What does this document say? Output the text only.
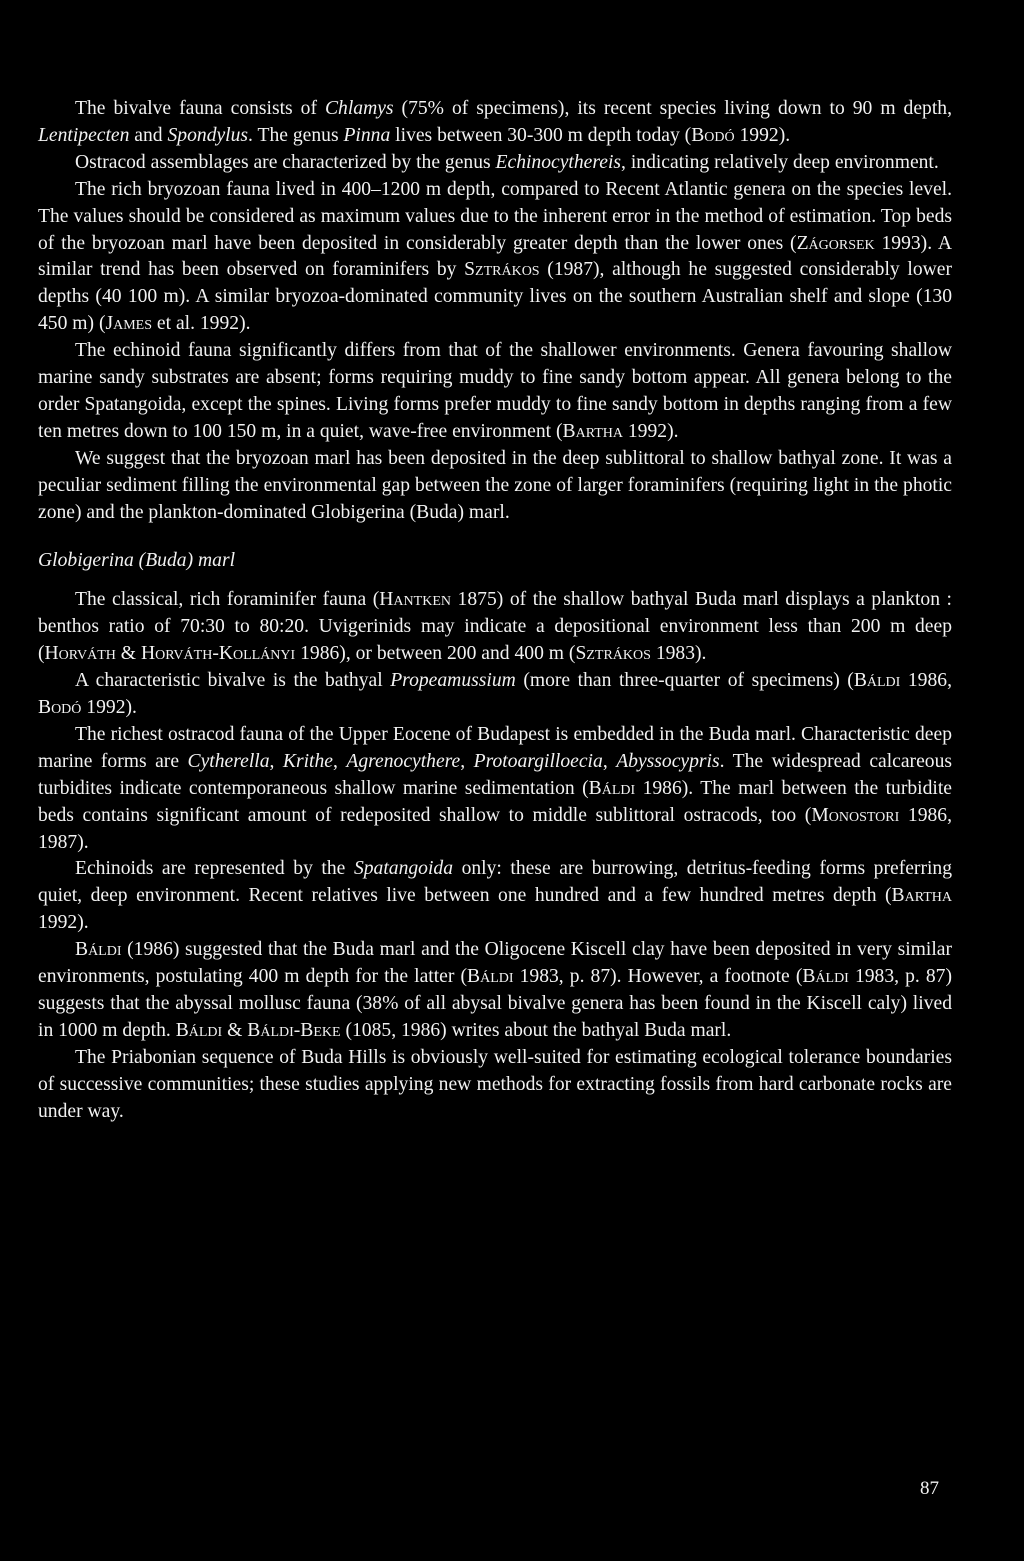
The bivalve fauna consists of Chlamys (75% of specimens), its recent species living down to 90 m depth, Lentipecten and Spondylus. The genus Pinna lives between 30-300 m depth today (Bodó 1992).

Ostracod assemblages are characterized by the genus Echinocythereis, indicating relatively deep environment.

The rich bryozoan fauna lived in 400–1200 m depth, compared to Recent Atlantic genera on the species level. The values should be considered as maximum values due to the inherent error in the method of estimation. Top beds of the bryozoan marl have been deposited in considerably greater depth than the lower ones (Zágorsek 1993). A similar trend has been observed on foraminifers by Sztrákos (1987), although he suggested considerably lower depths (40 100 m). A similar bryozoa-dominated community lives on the southern Australian shelf and slope (130 450 m) (James et al. 1992).

The echinoid fauna significantly differs from that of the shallower environments. Genera favouring shallow marine sandy substrates are absent; forms requiring muddy to fine sandy bottom appear. All genera belong to the order Spatangoida, except the spines. Living forms prefer muddy to fine sandy bottom in depths ranging from a few ten metres down to 100 150 m, in a quiet, wave-free environment (Bartha 1992).

We suggest that the bryozoan marl has been deposited in the deep sublittoral to shallow bathyal zone. It was a peculiar sediment filling the environmental gap between the zone of larger foraminifers (requiring light in the photic zone) and the plankton-dominated Globigerina (Buda) marl.

Globigerina (Buda) marl

The classical, rich foraminifer fauna (Hantken 1875) of the shallow bathyal Buda marl displays a plankton : benthos ratio of 70:30 to 80:20. Uvigerinids may indicate a depositional environment less than 200 m deep (Horváth & Horváth-Kollányi 1986), or between 200 and 400 m (Sztrákos 1983).

A characteristic bivalve is the bathyal Propeamussium (more than three-quarter of specimens) (Báldi 1986, Bodó 1992).

The richest ostracod fauna of the Upper Eocene of Budapest is embedded in the Buda marl. Characteristic deep marine forms are Cytherella, Krithe, Agrenocythere, Protoargilloecia, Abyssocypris. The widespread calcareous turbidites indicate contemporaneous shallow marine sedimentation (Báldi 1986). The marl between the turbidite beds contains significant amount of redeposited shallow to middle sublittoral ostracods, too (Monostori 1986, 1987).

Echinoids are represented by the Spatangoida only: these are burrowing, detritus-feeding forms preferring quiet, deep environment. Recent relatives live between one hundred and a few hundred metres depth (Bartha 1992).

Báldi (1986) suggested that the Buda marl and the Oligocene Kiscell clay have been deposited in very similar environments, postulating 400 m depth for the latter (Báldi 1983, p. 87). However, a footnote (Báldi 1983, p. 87) suggests that the abyssal mollusc fauna (38% of all abysal bivalve genera has been found in the Kiscell caly) lived in 1000 m depth. Báldi & Báldi-Beke (1085, 1986) writes about the bathyal Buda marl.

The Priabonian sequence of Buda Hills is obviously well-suited for estimating ecological tolerance boundaries of successive communities; these studies applying new methods for extracting fossils from hard carbonate rocks are under way.

87
